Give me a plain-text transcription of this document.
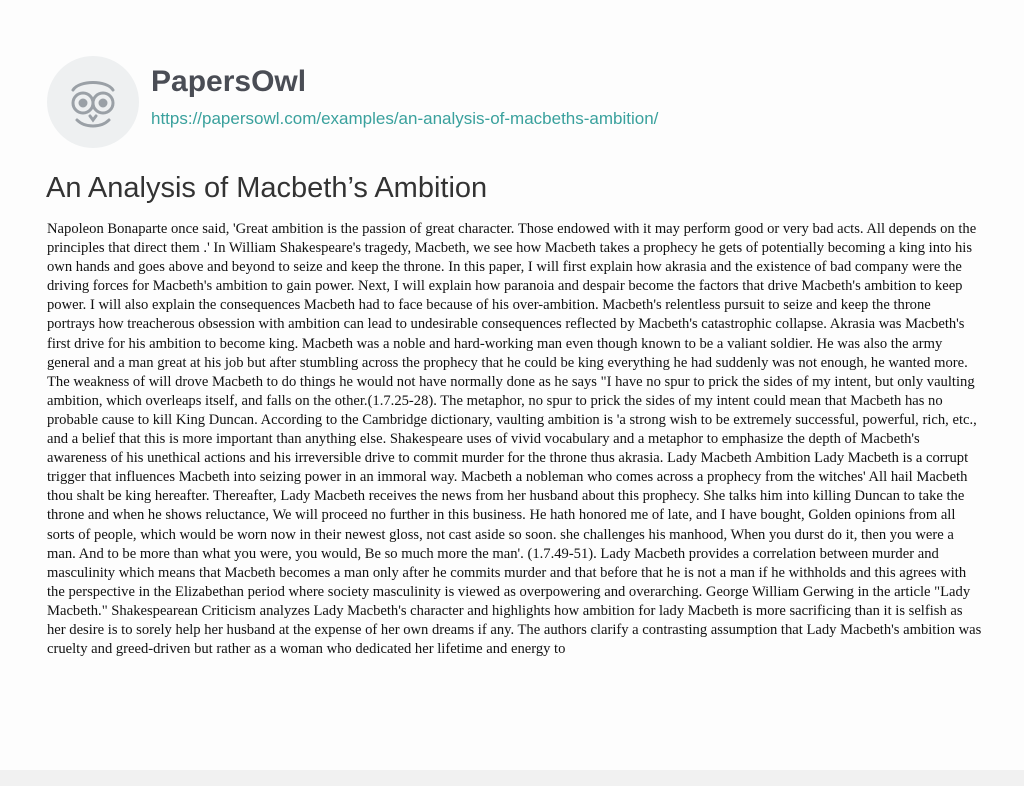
PapersOwl
https://papersowl.com/examples/an-analysis-of-macbeths-ambition/
An Analysis of Macbeth’s Ambition

Napoleon Bonaparte once said, 'Great ambition is the passion of great character. Those endowed with it may perform good or very bad acts. All depends on the principles that direct them .' In William Shakespeare's tragedy, Macbeth, we see how Macbeth takes a prophecy he gets of potentially becoming a king into his own hands and goes above and beyond to seize and keep the throne. In this paper, I will first explain how akrasia and the existence of bad company were the driving forces for Macbeth's ambition to gain power. Next, I will explain how paranoia and despair become the factors that drive Macbeth's ambition to keep power. I will also explain the consequences Macbeth had to face because of his over-ambition. Macbeth's relentless pursuit to seize and keep the throne portrays how treacherous obsession with ambition can lead to undesirable consequences reflected by Macbeth's catastrophic collapse. Akrasia was Macbeth's first drive for his ambition to become king. Macbeth was a noble and hard-working man even though known to be a valiant soldier. He was also the army general and a man great at his job but after stumbling across the prophecy that he could be king everything he had suddenly was not enough, he wanted more. The weakness of will drove Macbeth to do things he would not have normally done as he says "I have no spur to prick the sides of my intent, but only vaulting ambition, which overleaps itself, and falls on the other.(1.7.25-28). The metaphor, no spur to prick the sides of my intent could mean that Macbeth has no probable cause to kill King Duncan. According to the Cambridge dictionary, vaulting ambition is 'a strong wish to be extremely successful, powerful, rich, etc., and a belief that this is more important than anything else. Shakespeare uses of vivid vocabulary and a metaphor to emphasize the depth of Macbeth's awareness of his unethical actions and his irreversible drive to commit murder for the throne thus akrasia. Lady Macbeth Ambition Lady Macbeth is a corrupt trigger that influences Macbeth into seizing power in an immoral way. Macbeth a nobleman who comes across a prophecy from the witches' All hail Macbeth thou shalt be king hereafter. Thereafter, Lady Macbeth receives the news from her husband about this prophecy. She talks him into killing Duncan to take the throne and when he shows reluctance, We will proceed no further in this business. He hath honored me of late, and I have bought, Golden opinions from all sorts of people, which would be worn now in their newest gloss, not cast aside so soon. she challenges his manhood, When you durst do it, then you were a man. And to be more than what you were, you would, Be so much more the man'. (1.7.49-51). Lady Macbeth provides a correlation between murder and masculinity which means that Macbeth becomes a man only after he commits murder and that before that he is not a man if he withholds and this agrees with the perspective in the Elizabethan period where society masculinity is viewed as overpowering and overarching. George William Gerwing in the article "Lady Macbeth." Shakespearean Criticism analyzes Lady Macbeth's character and highlights how ambition for lady Macbeth is more sacrificing than it is selfish as her desire is to sorely help her husband at the expense of her own dreams if any. The authors clarify a contrasting assumption that Lady Macbeth's ambition was cruelty and greed-driven but rather as a woman who dedicated her lifetime and energy to
